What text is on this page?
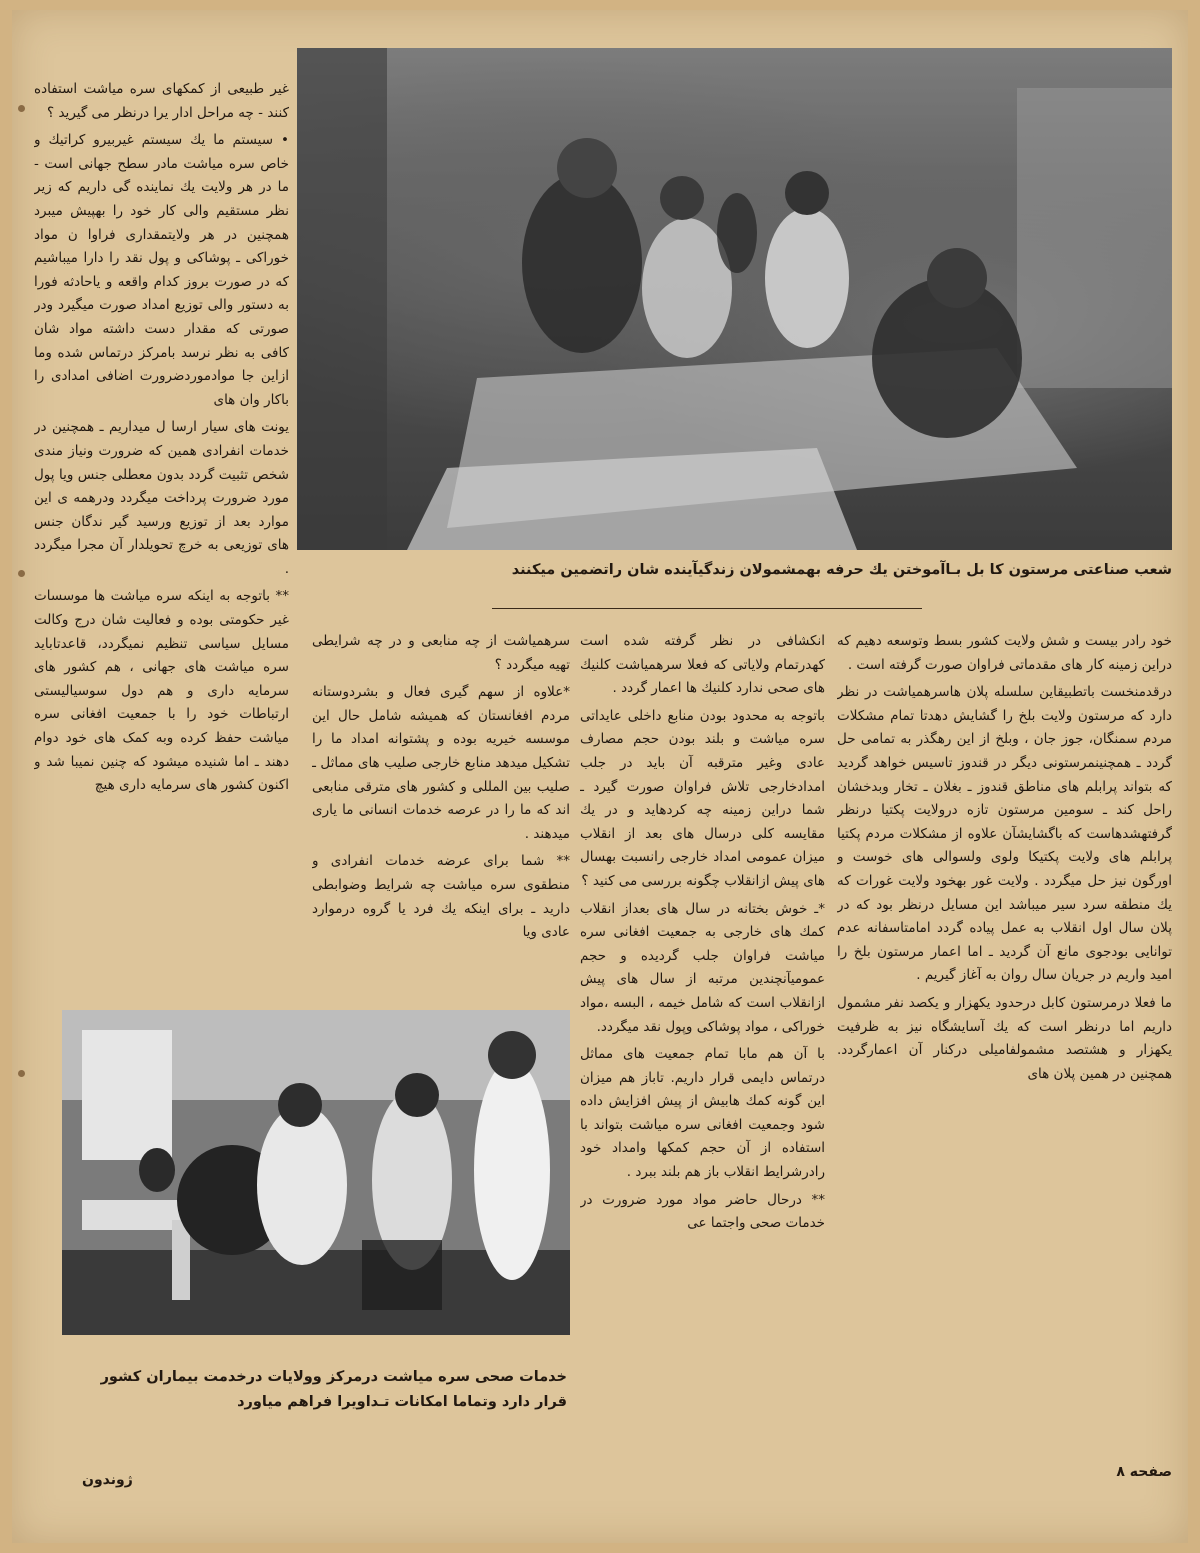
غیر طبیعی از کمکهای سره میاشت استفاده کنند - چه مراحل ادار یرا درنظر می گیرید ؟

• سیستم ما یك سیستم غیربیرو کراتیك و خاص سره میاشت مادر سطح جهانی است - ما در هر ولایت یك نماینده گی داریم که زیر نظر مستقیم والی کار خود را بهپیش میبرد همچنین در هر ولایتمقداری فراوا ن مواد خوراکی ـ پوشاکی و پول نقد را دارا میباشیم که در صورت بروز کدام واقعه و یاحادثه فورا به دستور والی توزیع امداد صورت میگیرد ودر صورتی که مقدار دست داشته مواد شان کافی به نظر نرسد بامرکز درتماس شده وما ازاین جا موادموردضرورت اضافی امدادی را باکار وان های

یونت های سیار ارسا ل میداریم ـ همچنین در خدمات انفرادی همین که ضرورت ونیاز مندی شخص تثبیت گردد بدون معطلی جنس ویا پول مورد ضرورت پرداخت میگردد ودرهمه ی این موارد بعد از توزیع ورسید گیر ندگان جنس های توزیعی به خرچ تحویلدار آن مجرا میگردد .

** باتوجه به اینکه سره میاشت ها موسسات غیر حکومتی بوده و فعالیت شان درج وکالت مسایل سیاسی تنظیم نمیگردد، قاعدتاباید سره میاشت های جهانی ، هم کشور های سرمایه داری و هم دول سوسیالیستی ارتباطات خود را با جمعیت افغانی سره میاشت حفظ کرده وبه کمک های خود دوام دهند ـ اما شنیده میشود که چنین نمیبا شد و اکنون کشور های سرمایه داری هیچ

شعب صناعتی مرستون کا بل بـاآموختن یك حرفه بهمشمولان زندگیآینده شان راتضمین میکنند

خود رادر بیست و شش ولایت کشور بسط وتوسعه دهیم که دراین زمینه کار های مقدماتی فراوان صورت گرفته است .

درقدمنخست باتطبیقاین سلسله پلان هاسرهمیاشت در نظر دارد که مرستون ولایت بلخ را گشایش دهدتا تمام مشکلات مردم سمنگان، جوز جان ، وبلخ از این رهگذر به تمامی حل گردد ـ همچنینمرستونی دیگر در قندوز تاسیس خواهد گردید که بتواند پرابلم های مناطق قندوز ـ بغلان ـ تخار وبدخشان راحل کند ـ سومین مرستون تازه درولایت پکتیا درنظر گرفتهشدهاست که باگشایشآن علاوه از مشکلات مردم پکتیا پرابلم های ولایت پکتیکا ولوی ولسوالی های خوست و اورگون نیز حل میگردد . ولایت غور بهخود ولایت غورات که یك منطقه سرد سیر میباشد این مسایل درنظر بود که در پلان سال اول انقلاب به عمل پیاده گردد امامتاسفانه عدم توانایی بودجوی مانع آن گردید ـ اما اعمار مرستون بلخ را امید واریم در جریان سال روان به آغاز گیریم .

ما فعلا درمرستون کابل درحدود یکهزار و یکصد نفر مشمول داریم اما درنظر است که یك آسایشگاه نیز به ظرفیت یکهزار و هشتصد مشمولفامیلی درکنار آن اعمارگردد. همچنین در همین پلان های

انکشافی در نظر گرفته شده است کهدرتمام ولایاتی که فعلا سرهمیاشت کلنیك های صحی ندارد کلنیك ها اعمار گردد .

باتوجه به محدود بودن منابع داخلی عایداتی سره میاشت و بلند بودن حجم مصارف عادی وغیر مترقبه آن باید در جلب امدادخارجی تلاش فراوان صورت گیرد ـ شما دراین زمینه چه کردهاید و در یك مقایسه کلی درسال های بعد از انقلاب میزان عمومی امداد خارجی رانسبت بهسال های پیش ازانقلاب چگونه بررسی می کنید ؟

*ـ خوش بختانه در سال های بعداز انقلاب کمك های خارجی به جمعیت افغانی سره میاشت فراوان جلب گردیده و حجم عمومیآنچندین مرتبه از سال های پیش ازانقلاب است که شامل خیمه ، البسه ،مواد خوراکی ، مواد پوشاکی وپول نقد میگردد.

با آن هم مابا تمام جمعیت های مماثل درتماس دایمی قرار داریم. تاباز هم میزان این گونه کمك هابیش از پیش افزایش داده شود وجمعیت افغانی سره میاشت بتواند با استفاده از آن حجم کمکها وامداد خود رادرشرایط انقلاب باز هم بلند ببرد .

** درحال حاضر مواد مورد ضرورت در خدمات صحی واجتما عی

سرهمیاشت از چه منابعی و در چه شرایطی تهیه میگردد ؟

*علاوه از سهم گیری فعال و بشردوستانه مردم افغانستان که همیشه شامل حال این موسسه خیریه بوده و پشتوانه امداد ما را تشکیل میدهد منابع خارجی صلیب های مماثل ـ صلیب بین المللی و کشور های مترقی منابعی اند که ما را در عرصه خدمات انسانی ما یاری میدهند .

** شما برای عرضه خدمات انفرادی و منطقوی سره میاشت چه شرایط وضوابطی دارید ـ برای اینکه یك فرد یا گروه درموارد عادی ویا

خدمات صحی سره میاشت درمرکز وولایات درخدمت بیماران کشور
قرار دارد وتماما امکانات تـداویرا فراهم میاورد
صفحه ۸
ژوندون
